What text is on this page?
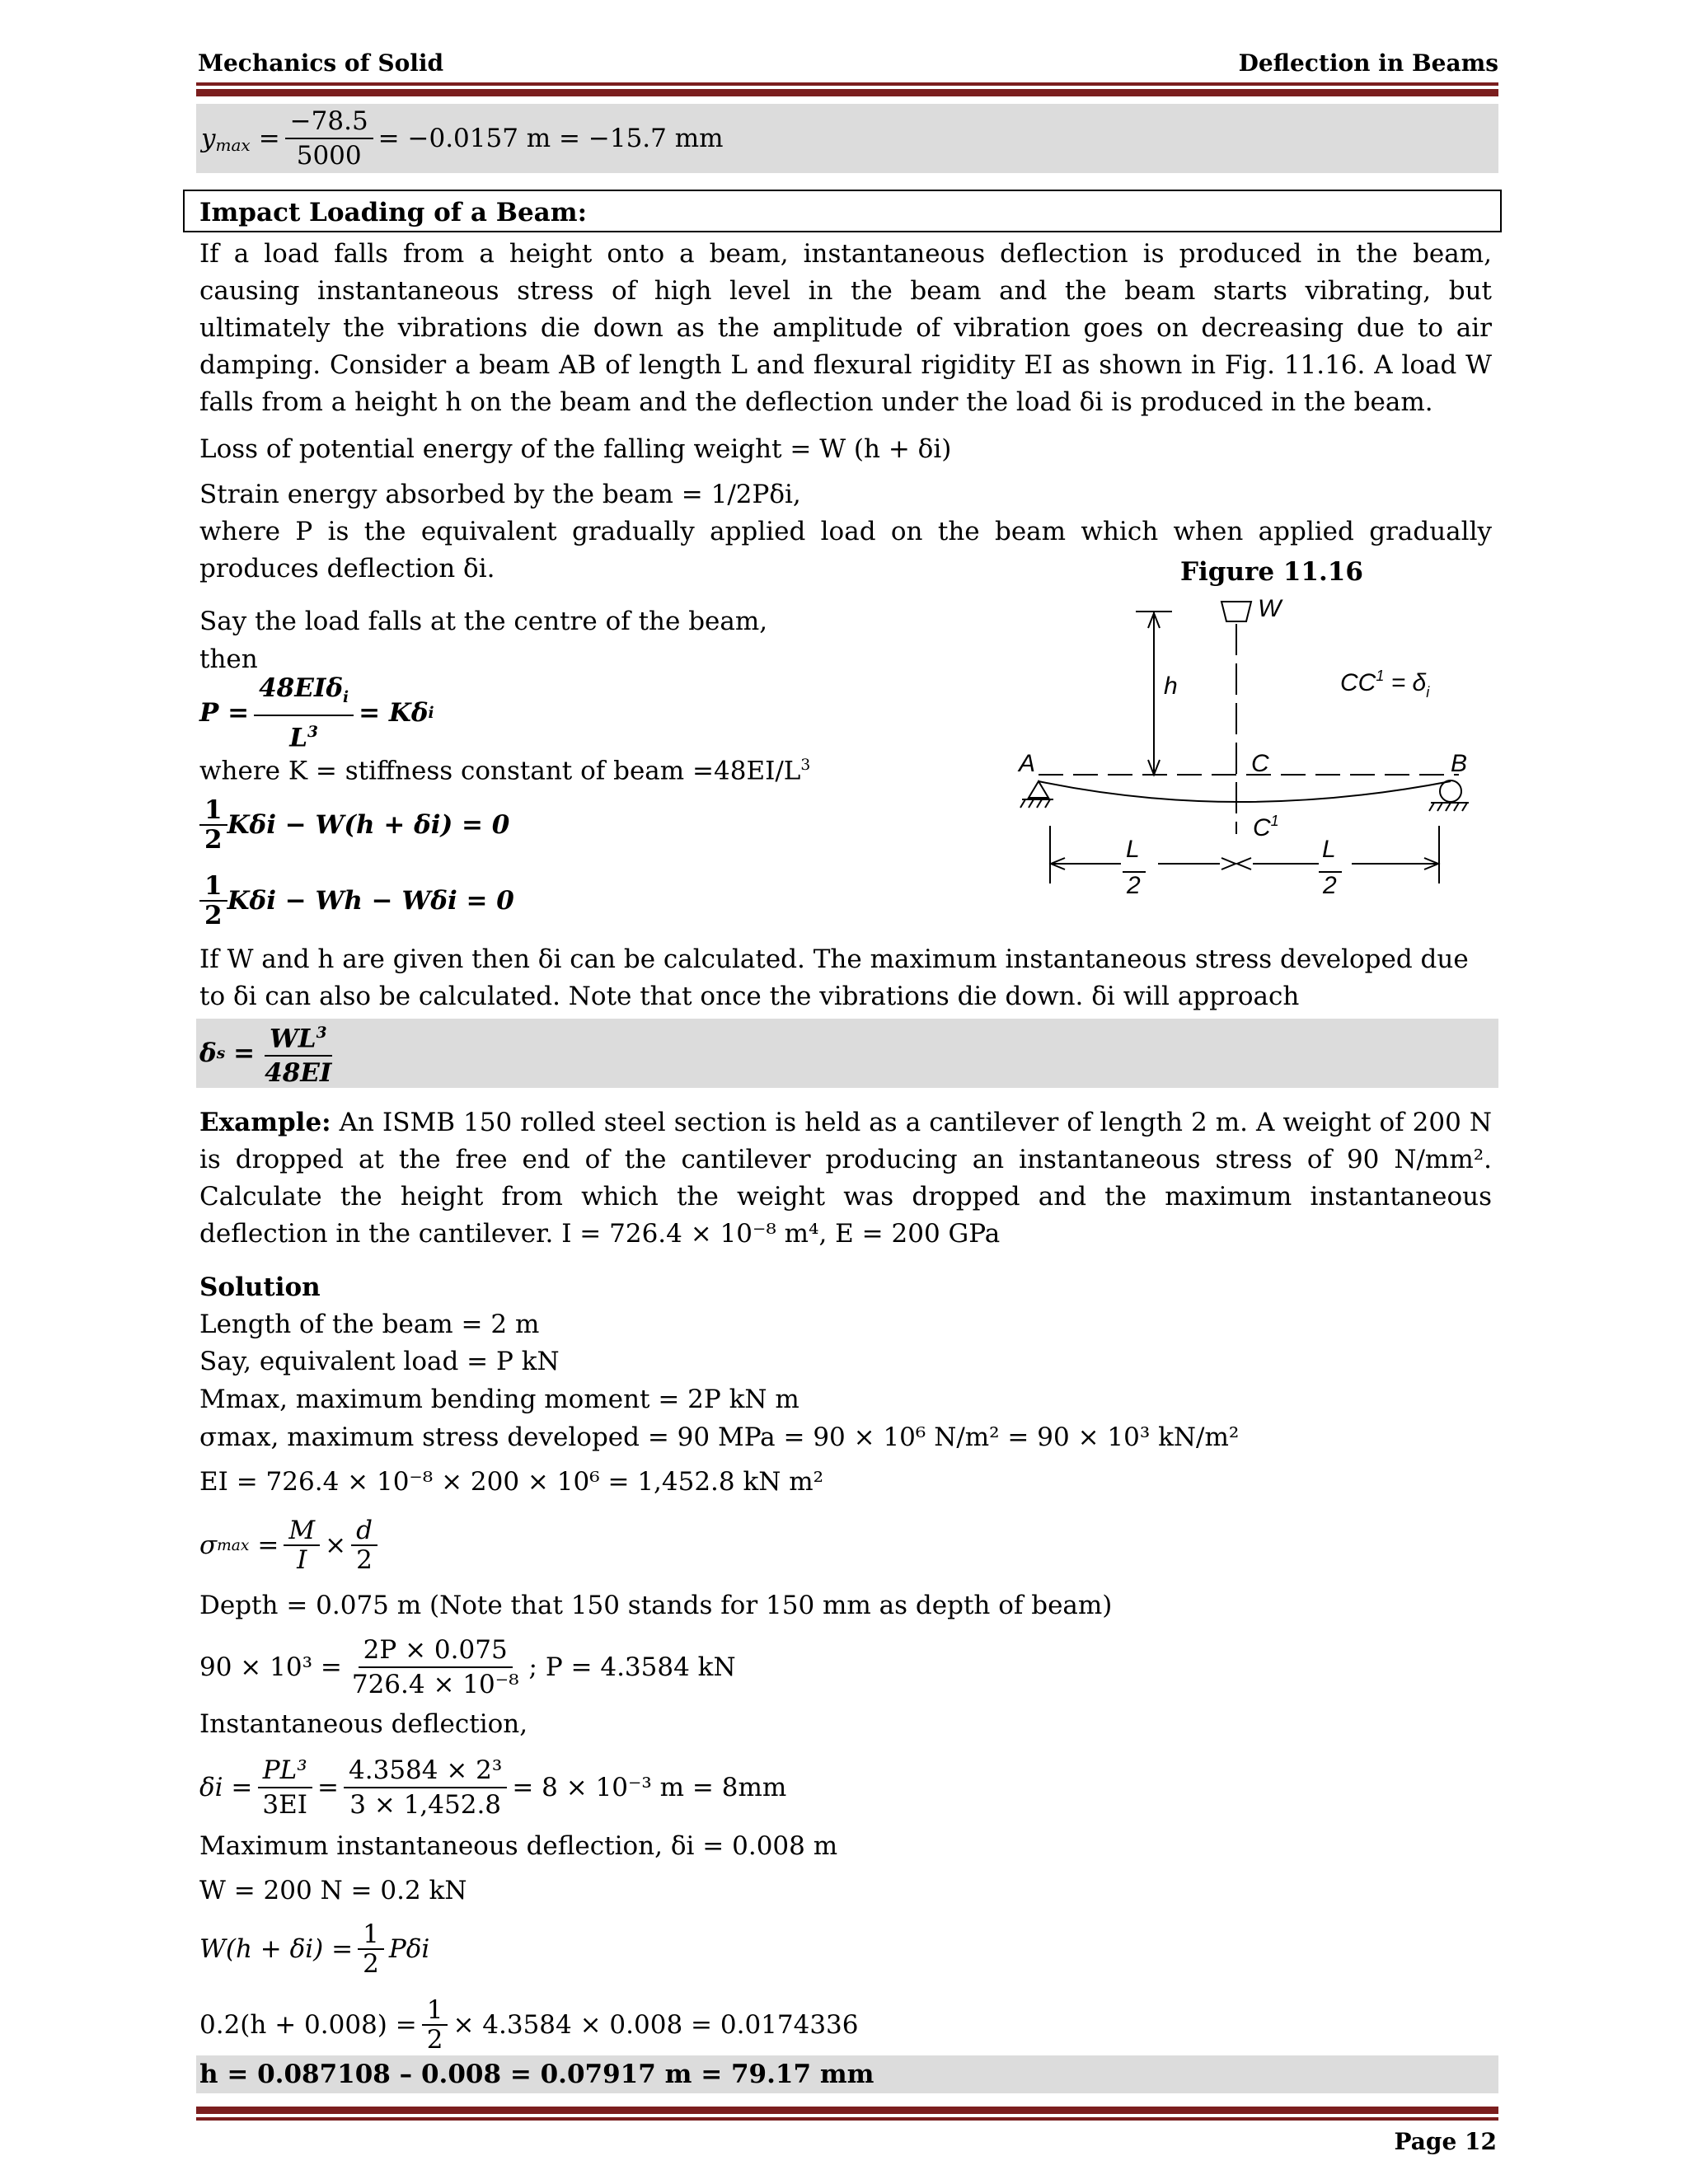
Mechanics of Solid	Deflection in Beams
$y_{max} = \frac{-78.5}{5000} = -0.0157$ m = −15.7 mm
Impact Loading of a Beam:
If a load falls from a height onto a beam, instantaneous deflection is produced in the beam, causing instantaneous stress of high level in the beam and the beam starts vibrating, but ultimately the vibrations die down as the amplitude of vibration goes on decreasing due to air damping. Consider a beam AB of length L and flexural rigidity EI as shown in Fig. 11.16. A load W falls from a height h on the beam and the deflection under the load δi is produced in the beam.
Loss of potential energy of the falling weight = W (h + δi)
Strain energy absorbed by the beam = 1/2Pδi,
where P is the equivalent gradually applied load on the beam which when applied gradually produces deflection δi.	Figure 11.16
W
h
A	B
C
$C^1$
$CC^1 = \delta_i$
L
2
L
2
Say the load falls at the centre of the beam,
then
$P = \frac{48EI\delta_i}{L^3} = K\delta$ i
where K = stiffness constant of beam $=48EI/L^3$
$\frac{1}{2}$ Kδi − W(h + δi) = 0
$\frac{1}{2}$ Kδi − Wh − Wδi = 0
If W and h are given then δi can be calculated. The maximum instantaneous stress developed due to δi can also be calculated. Note that once the vibrations die down. δi will approach
δ $s = \frac{WL^3}{48EI}$
Example: An ISMB 150 rolled steel section is held as a cantilever of length 2 m. A weight of 200 N is dropped at the free end of the cantilever producing an instantaneous stress of 90 N/mm². Calculate the height from which the weight was dropped and the maximum instantaneous deflection in the cantilever. I = 726.4 × 10⁻⁸ m⁴, E = 200 GPa
Solution
Length of the beam = 2 m
Say, equivalent load = P kN
Mmax, maximum bending moment = 2P kN m
σmax, maximum stress developed = 90 MPa = 90 × 10⁶ N/m² = 90 × 10³ kN/m²
EI = 726.4 × 10⁻⁸ × 200 × 10⁶ = 1,452.8 kN m²
σ $\max = \frac{M}{I} \times \frac{d}{2}$
Depth = 0.075 m (Note that 150 stands for 150 mm as depth of beam)
$90 \times 10^3 = \frac{2P \times 0.075}{\text{726.4 × 10⁻⁸}}$ ; P = 4.3584 kN
Instantaneous deflection,
$\delta i = \frac{\text{PL³}}{3EI} = \frac{\text{4.3584 × 2³}}{3 \times 1,452.8} = 8 \times 10^{-3}$ m = 8mm
Maximum instantaneous deflection, δi = 0.008 m
W = 200 N = 0.2 kN
$W(h + \delta i) = \frac{1}{2}$ Pδi
$0.2(h + 0.008) = \frac{1}{2} \times 4.3584 \times 0.008 = 0.0174336$
h = 0.087108 – 0.008 = 0.07917 m = 79.17 mm
Page 12
